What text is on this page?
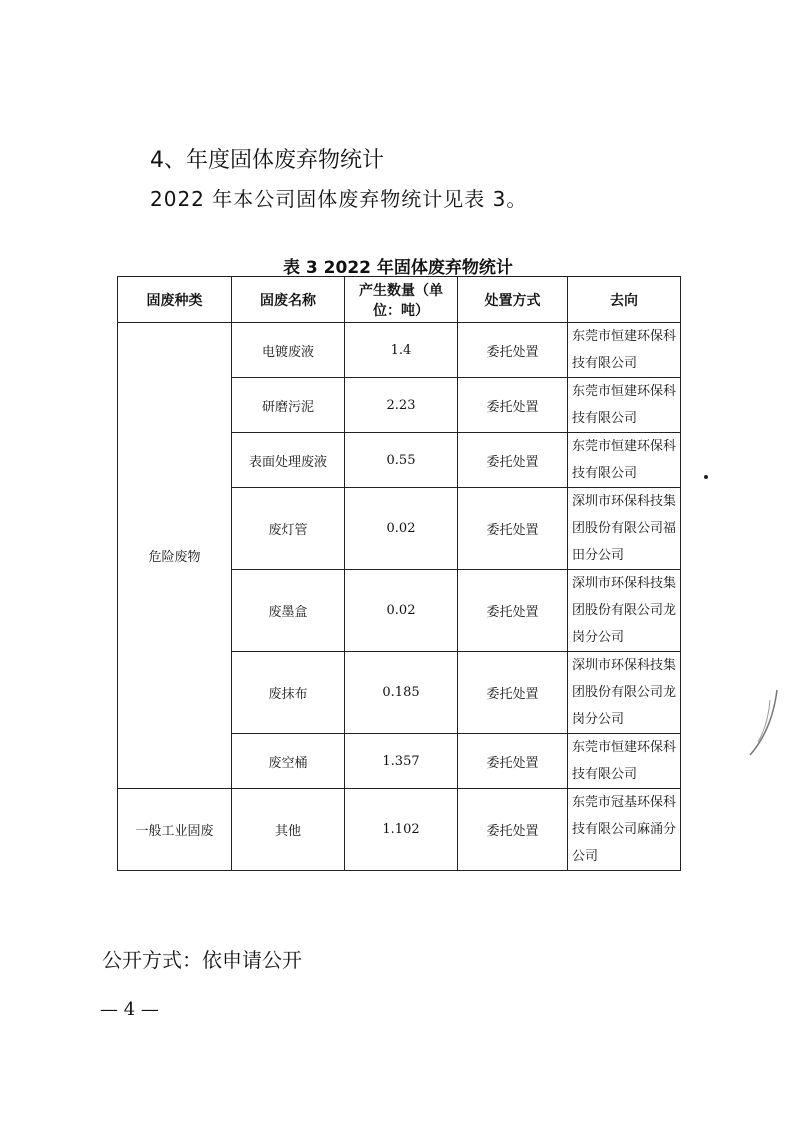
4、年度固体废弃物统计
2022 年本公司固体废弃物统计见表 3。
表 3 2022 年固体废弃物统计
固废种类	固废名称	产生数量（单位：吨）	处置方式	去向
危险废物	电镀废液	1.4	委托处置	东莞市恒建环保科技有限公司
	研磨污泥	2.23	委托处置	东莞市恒建环保科技有限公司
	表面处理废液	0.55	委托处置	东莞市恒建环保科技有限公司
	废灯管	0.02	委托处置	深圳市环保科技集团股份有限公司福田分公司
	废墨盒	0.02	委托处置	深圳市环保科技集团股份有限公司龙岗分公司
	废抹布	0.185	委托处置	深圳市环保科技集团股份有限公司龙岗分公司
	废空桶	1.357	委托处置	东莞市恒建环保科技有限公司
一般工业固废	其他	1.102	委托处置	东莞市冠基环保科技有限公司麻涌分公司
公开方式：依申请公开
— 4 —
